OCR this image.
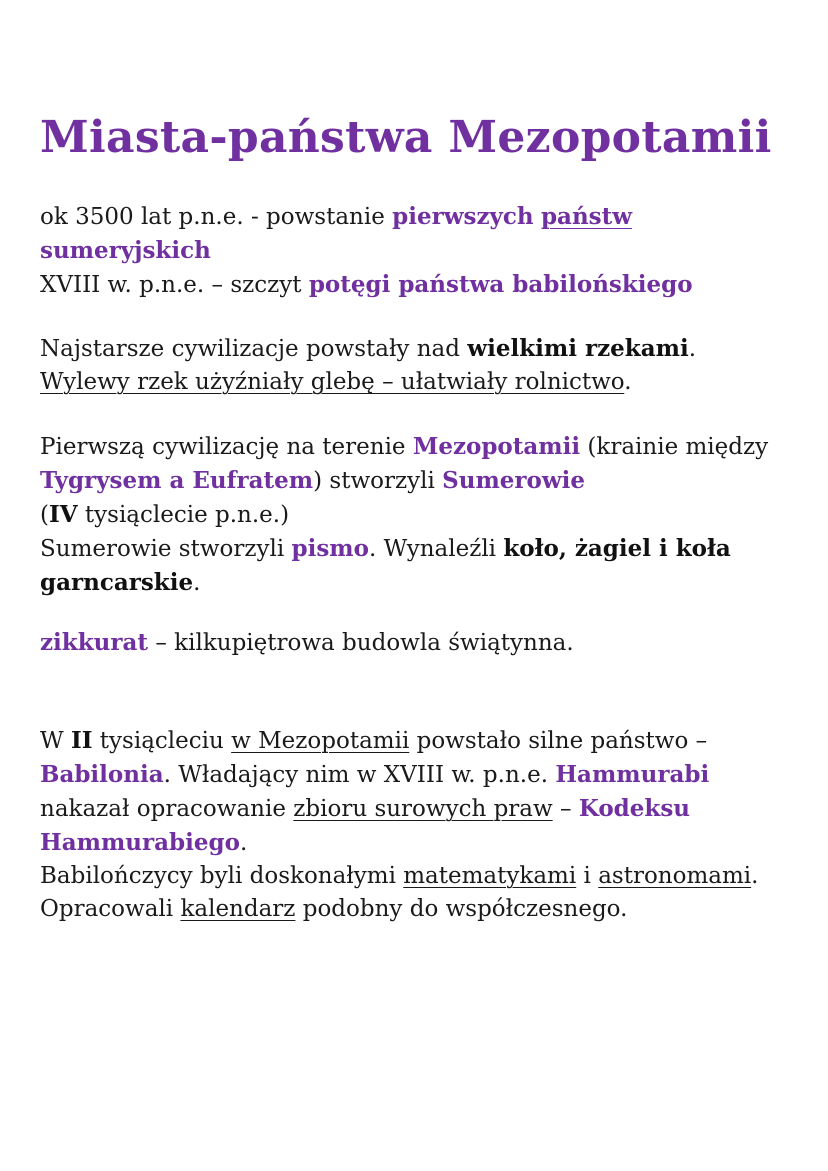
Miasta-państwa Mezopotamii

ok 3500 lat p.n.e. - powstanie pierwszych państw
sumeryjskich

XVIII w. p.n.e. – szczyt potęgi państwa babilońskiego

Najstarsze cywilizacje powstały nad wielkimi rzekami.
Wylewy rzek użyźniały glebę – ułatwiały rolnictwo.

Pierwszą cywilizację na terenie Mezopotamii (krainie między Tygrysem a Eufratem) stworzyli Sumerowie
(IV tysiąclecie p.n.e.)

Sumerowie stworzyli pismo. Wynaleźli koło, żagiel i koła garncarskie.

zikkurat – kilkupiętrowa budowla świątynna.

W II tysiącleciu w Mezopotamii powstało silne państwo – Babilonia. Władający nim w XVIII w. p.n.e. Hammurabi nakazał opracowanie zbioru surowych praw – Kodeksu Hammurabiego.

Babilończycy byli doskonałymi matematykami i astronomami. Opracowali kalendarz podobny do współczesnego.
